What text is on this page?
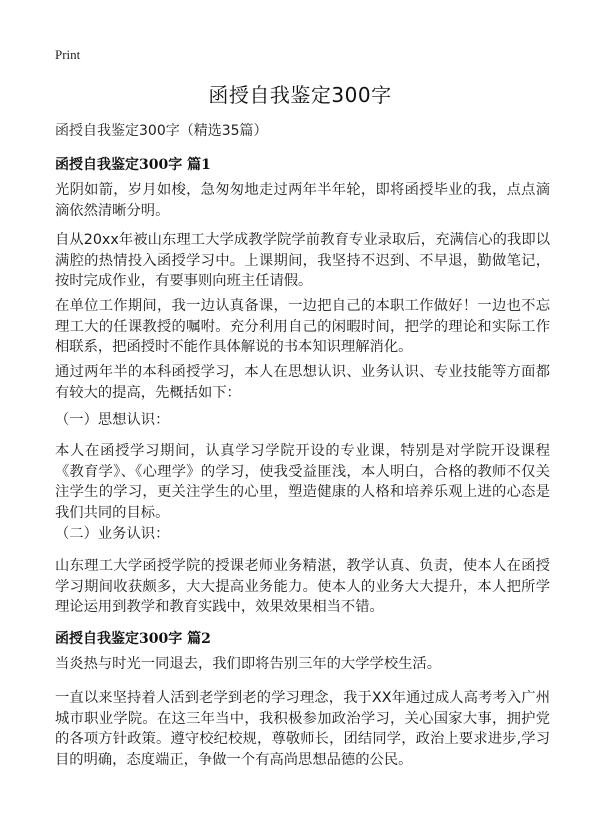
Print
函授自我鉴定300字
函授自我鉴定300字（精选35篇）
函授自我鉴定300字 篇1
光阴如箭，岁月如梭，急匆匆地走过两年半年轮，即将函授毕业的我，点点滴滴依然清晰分明。
自从20xx年被山东理工大学成教学院学前教育专业录取后，充满信心的我即以满腔的热情投入函授学习中。上课期间，我坚持不迟到、不早退，勤做笔记，按时完成作业，有要事则向班主任请假。
在单位工作期间，我一边认真备课，一边把自己的本职工作做好！一边也不忘理工大的任课教授的嘱咐。充分利用自己的闲暇时间，把学的理论和实际工作相联系，把函授时不能作具体解说的书本知识理解消化。
通过两年半的本科函授学习，本人在思想认识、业务认识、专业技能等方面都有较大的提高，先概括如下：
（一）思想认识：
本人在函授学习期间，认真学习学院开设的专业课，特别是对学院开设课程《教育学》、《心理学》的学习，使我受益匪浅，本人明白，合格的教师不仅关注学生的学习，更关注学生的心里，塑造健康的人格和培养乐观上进的心态是我们共同的目标。
（二）业务认识：
山东理工大学函授学院的授课老师业务精湛，教学认真、负责，使本人在函授学习期间收获颇多，大大提高业务能力。使本人的业务大大提升，本人把所学理论运用到教学和教育实践中，效果效果相当不错。
函授自我鉴定300字 篇2
当炎热与时光一同退去，我们即将告别三年的大学学校生活。
一直以来坚持着人活到老学到老的学习理念，我于XX年通过成人高考考入广州城市职业学院。在这三年当中，我积极参加政治学习，关心国家大事，拥护党的各项方针政策。遵守校纪校规，尊敬师长，团结同学，政治上要求进步,学习目的明确，态度端正，争做一个有高尚思想品德的公民。
